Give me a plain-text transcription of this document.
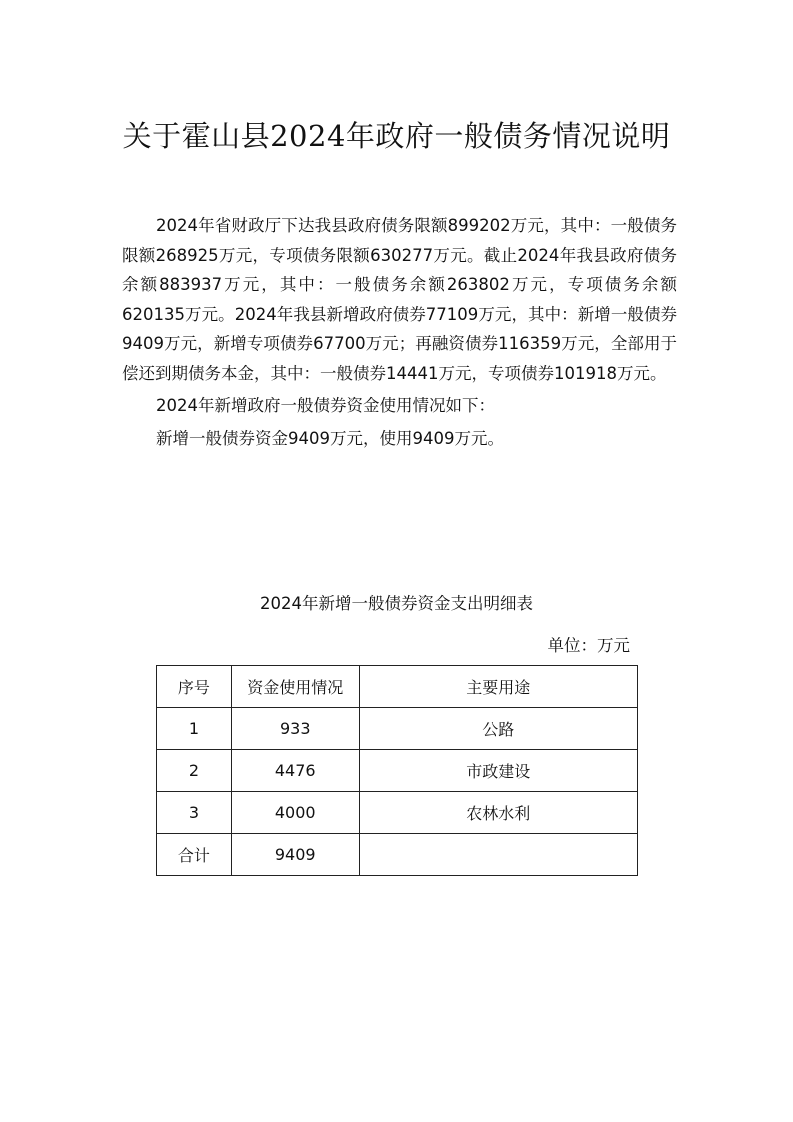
关于霍山县2024年政府一般债务情况说明

2024年省财政厅下达我县政府债务限额899202万元，其中：一般债务限额268925万元，专项债务限额630277万元。截止2024年我县政府债务余额883937万元，其中：一般债务余额263802万元，专项债务余额620135万元。2024年我县新增政府债券77109万元，其中：新增一般债券9409万元，新增专项债券67700万元；再融资债券116359万元，全部用于偿还到期债务本金，其中：一般债券14441万元，专项债券101918万元。

2024年新增政府一般债券资金使用情况如下：

新增一般债券资金9409万元，使用9409万元。

2024年新增一般债券资金支出明细表
单位：万元
序号	资金使用情况	主要用途
1	933	公路
2	4476	市政建设
3	4000	农林水利
合计	9409	
